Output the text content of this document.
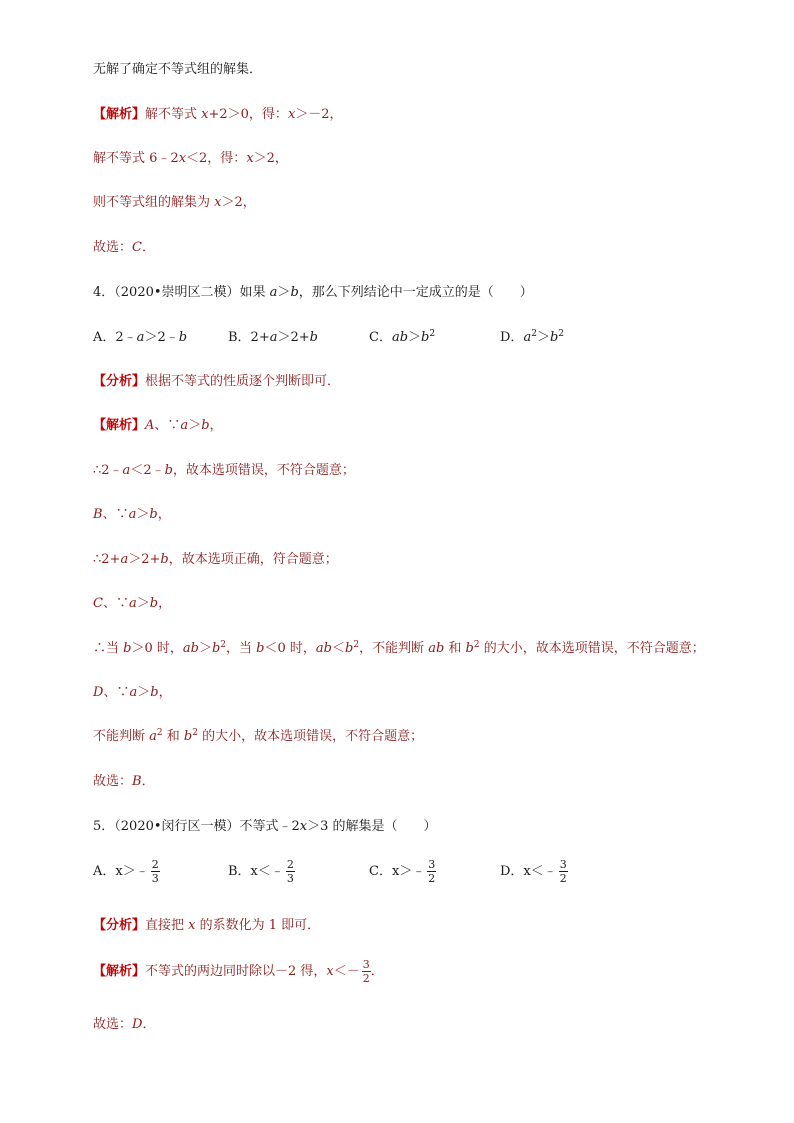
无解了确定不等式组的解集．
【解析】解不等式 x+2＞0，得：x＞－2，
解不等式 6﹣2x＜2，得：x＞2，
则不等式组的解集为 x＞2，
故选：C．
4．（2020•崇明区二模）如果 a＞b，那么下列结论中一定成立的是（　　）
A．2﹣a＞2﹣b	B．2+a＞2+b	C．$ab>b^2$	D．$a^2>b^2$
【分析】根据不等式的性质逐个判断即可．
【解析】A、∵a＞b，
∴2﹣a＜2﹣b，故本选项错误，不符合题意；
B、∵a＞b，
∴2+a＞2+b，故本选项正确，符合题意；
C、∵a＞b，
∴当 b＞0 时，$ab>b^2$，当 b＜0 时，$ab<b^2$，不能判断 ab 和 $b^2$ 的大小，故本选项错误，不符合题意；
D、∵a＞b，
不能判断 $a^2$ 和 $b^2$ 的大小，故本选项错误，不符合题意；
故选：B．
5．（2020•闵行区一模）不等式﹣2x＞3 的解集是（　　）
A．x＞﹣ $\frac{2}{3}$	B．x＜﹣ $\frac{2}{3}$	C．x＞﹣ $\frac{3}{2}$	D．x＜﹣ $\frac{3}{2}$
【分析】直接把 x 的系数化为 1 即可．
【解析】不等式的两边同时除以－2 得，$x<- \frac{3}{2}$ ．
故选：D．
